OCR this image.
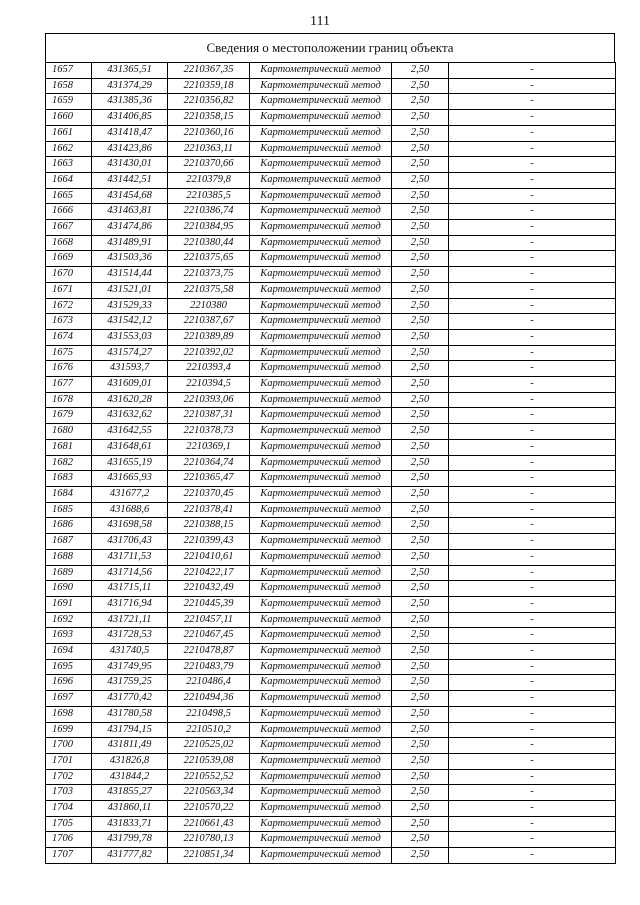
111
Сведения о местоположении границ объекта
1657	431365,51	2210367,35	Картометрический метод	2,50	-
1658	431374,29	2210359,18	Картометрический метод	2,50	-
1659	431385,36	2210356,82	Картометрический метод	2,50	-
1660	431406,85	2210358,15	Картометрический метод	2,50	-
1661	431418,47	2210360,16	Картометрический метод	2,50	-
1662	431423,86	2210363,11	Картометрический метод	2,50	-
1663	431430,01	2210370,66	Картометрический метод	2,50	-
1664	431442,51	2210379,8	Картометрический метод	2,50	-
1665	431454,68	2210385,5	Картометрический метод	2,50	-
1666	431463,81	2210386,74	Картометрический метод	2,50	-
1667	431474,86	2210384,95	Картометрический метод	2,50	-
1668	431489,91	2210380,44	Картометрический метод	2,50	-
1669	431503,36	2210375,65	Картометрический метод	2,50	-
1670	431514,44	2210373,75	Картометрический метод	2,50	-
1671	431521,01	2210375,58	Картометрический метод	2,50	-
1672	431529,33	2210380	Картометрический метод	2,50	-
1673	431542,12	2210387,67	Картометрический метод	2,50	-
1674	431553,03	2210389,89	Картометрический метод	2,50	-
1675	431574,27	2210392,02	Картометрический метод	2,50	-
1676	431593,7	2210393,4	Картометрический метод	2,50	-
1677	431609,01	2210394,5	Картометрический метод	2,50	-
1678	431620,28	2210393,06	Картометрический метод	2,50	-
1679	431632,62	2210387,31	Картометрический метод	2,50	-
1680	431642,55	2210378,73	Картометрический метод	2,50	-
1681	431648,61	2210369,1	Картометрический метод	2,50	-
1682	431655,19	2210364,74	Картометрический метод	2,50	-
1683	431665,93	2210365,47	Картометрический метод	2,50	-
1684	431677,2	2210370,45	Картометрический метод	2,50	-
1685	431688,6	2210378,41	Картометрический метод	2,50	-
1686	431698,58	2210388,15	Картометрический метод	2,50	-
1687	431706,43	2210399,43	Картометрический метод	2,50	-
1688	431711,53	2210410,61	Картометрический метод	2,50	-
1689	431714,56	2210422,17	Картометрический метод	2,50	-
1690	431715,11	2210432,49	Картометрический метод	2,50	-
1691	431716,94	2210445,39	Картометрический метод	2,50	-
1692	431721,11	2210457,11	Картометрический метод	2,50	-
1693	431728,53	2210467,45	Картометрический метод	2,50	-
1694	431740,5	2210478,87	Картометрический метод	2,50	-
1695	431749,95	2210483,79	Картометрический метод	2,50	-
1696	431759,25	2210486,4	Картометрический метод	2,50	-
1697	431770,42	2210494,36	Картометрический метод	2,50	-
1698	431780,58	2210498,5	Картометрический метод	2,50	-
1699	431794,15	2210510,2	Картометрический метод	2,50	-
1700	431811,49	2210525,02	Картометрический метод	2,50	-
1701	431826,8	2210539,08	Картометрический метод	2,50	-
1702	431844,2	2210552,52	Картометрический метод	2,50	-
1703	431855,27	2210563,34	Картометрический метод	2,50	-
1704	431860,11	2210570,22	Картометрический метод	2,50	-
1705	431833,71	2210661,43	Картометрический метод	2,50	-
1706	431799,78	2210780,13	Картометрический метод	2,50	-
1707	431777,82	2210851,34	Картометрический метод	2,50	-
